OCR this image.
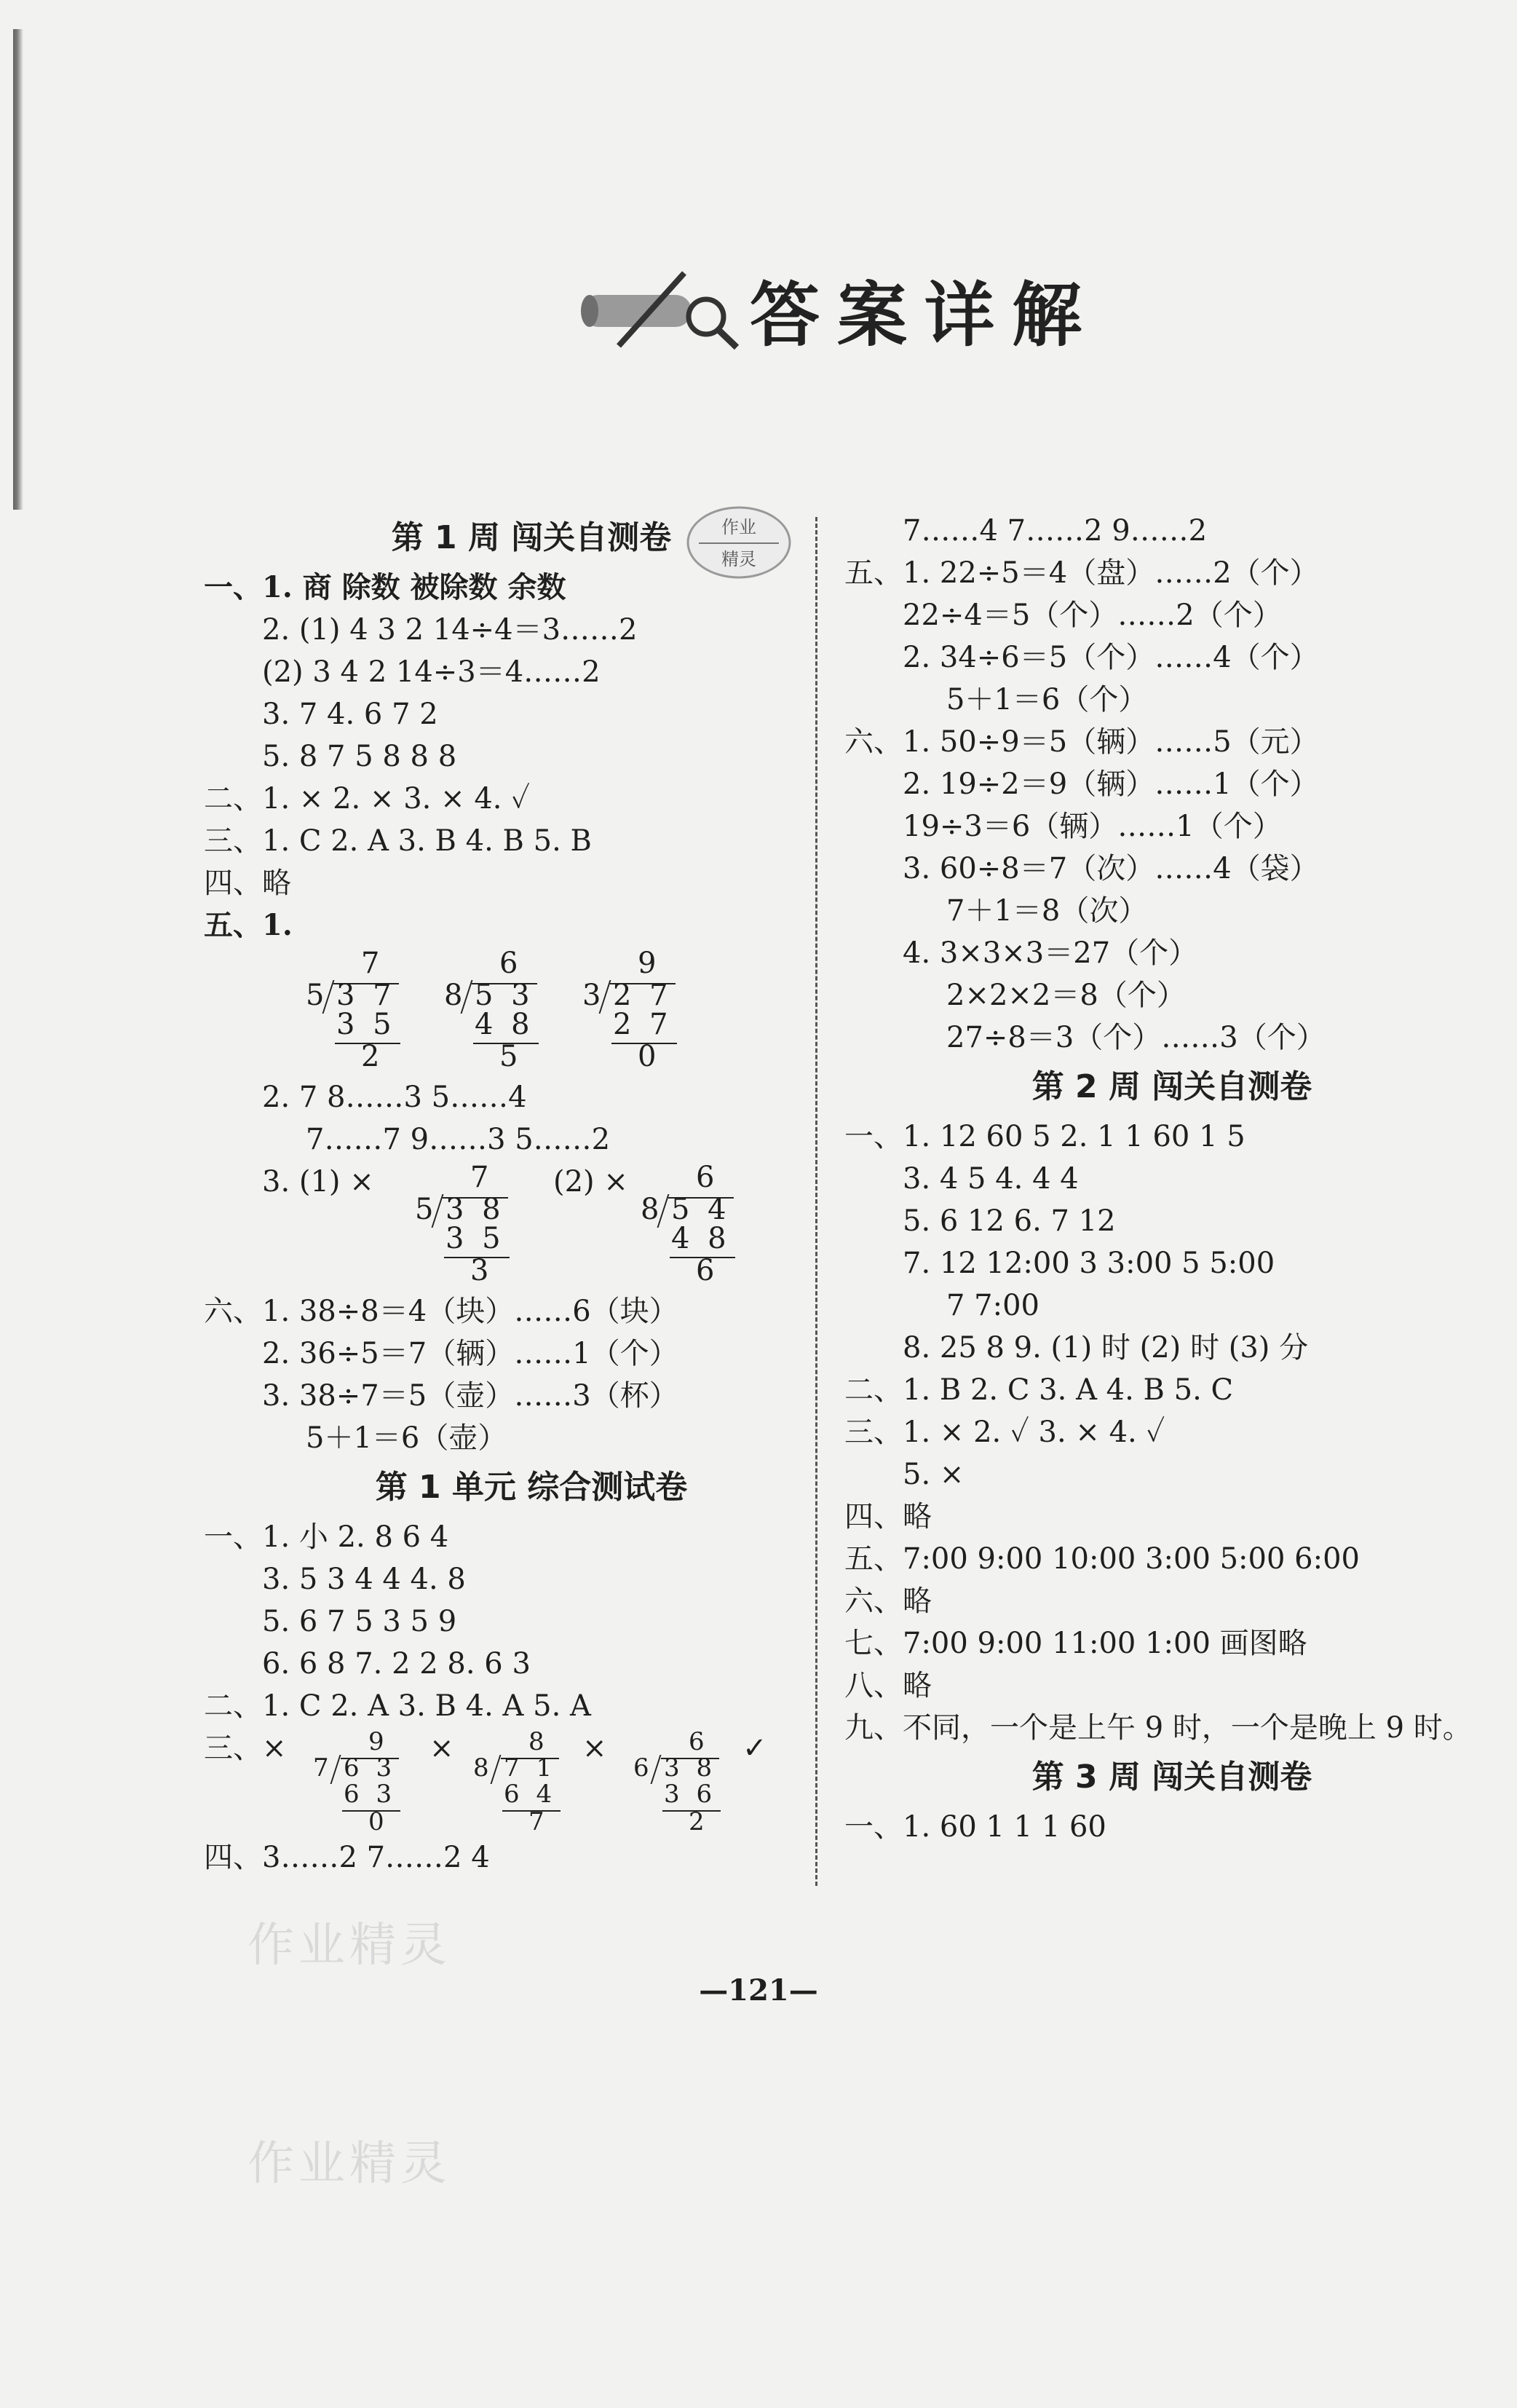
答案详解
作业
精灵
第 1 周 闯关自测卷
一、1. 商 除数 被除数 余数
2. (1) 4 3 2 14÷4＝3……2
(2) 3 4 2 14÷3＝4……2
3. 7 4. 6 7 2
5. 8 7 5 8 8 8
二、1. × 2. × 3. × 4. ✓
三、1. C 2. A 3. B 4. B 5. B
四、略
五、1.
7
5 3 7
3 5
2
6
8 5 3
4 8
5
9
3 2 7
2 7
0
2. 7 8……3 5……4
7……7 9……3 5……2
3. (1) ×	(2) ×
7
5 3 8
3 5
3
6
8 5 4
4 8
6
六、1. 38÷8＝4（块）……6（块）
2. 36÷5＝7（辆）……1（个）
3. 38÷7＝5（壶）……3（杯）
5＋1＝6（壶）
第 1 单元 综合测试卷
一、1. 小 2. 8 6 4
3. 5 3 4 4 4. 8
5. 6 7 5 3 5 9
6. 6 8 7. 2 2 8. 6 3
二、1. C 2. A 3. B 4. A 5. A
三、×	×	×	✓
9
7 6 3
6 3
0
8
8 7 1
6 4
7
6
6 3 8
3 6
2
四、3……2 7……2 4
7……4 7……2 9……2
五、1. 22÷5＝4（盘）……2（个）
22÷4＝5（个）……2（个）
2. 34÷6＝5（个）……4（个）
5＋1＝6（个）
六、1. 50÷9＝5（辆）……5（元）
2. 19÷2＝9（辆）……1（个）
19÷3＝6（辆）……1（个）
3. 60÷8＝7（次）……4（袋）
7＋1＝8（次）
4. 3×3×3＝27（个）
2×2×2＝8（个）
27÷8＝3（个）……3（个）
第 2 周 闯关自测卷
一、1. 12 60 5 2. 1 1 60 1 5
3. 4 5 4. 4 4
5. 6 12 6. 7 12
7. 12 12:00 3 3:00 5 5:00
7 7:00
8. 25 8 9. (1) 时 (2) 时 (3) 分
二、1. B 2. C 3. A 4. B 5. C
三、1. × 2. ✓ 3. × 4. ✓
5. ×
四、略
五、7:00 9:00 10:00 3:00 5:00 6:00
六、略
七、7:00 9:00 11:00 1:00 画图略
八、略
九、不同，一个是上午 9 时，一个是晚上 9 时。
第 3 周 闯关自测卷
一、1. 60 1 1 1 60
—121—
作业精灵
作业精灵
